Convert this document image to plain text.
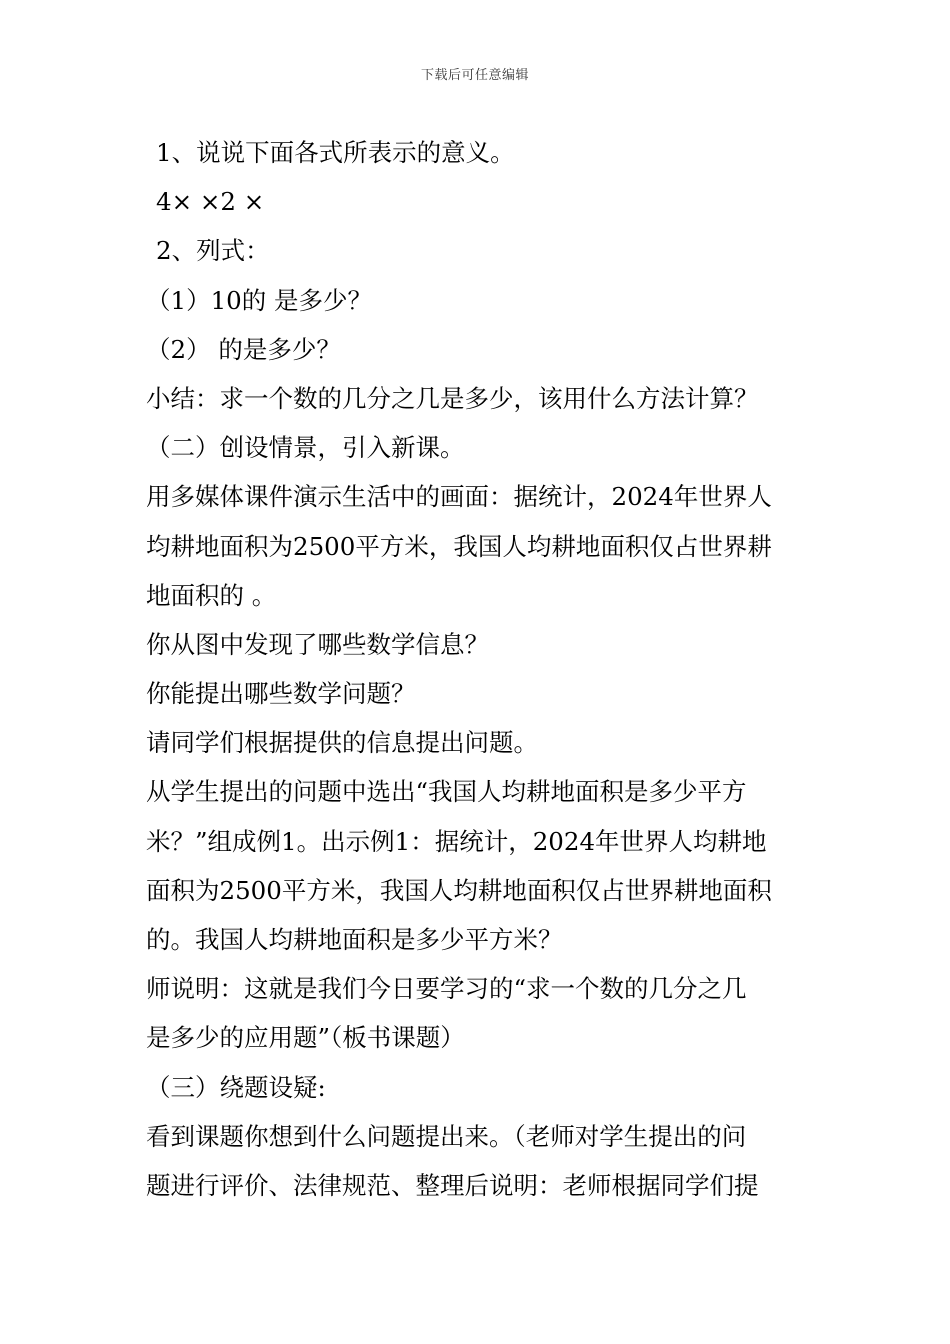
下载后可任意编辑
1、说说下面各式所表示的意义。
4× ×2 ×
2、列式：
（1）10的 是多少？
（2） 的是多少？
小结：求一个数的几分之几是多少，该用什么方法计算？
（二）创设情景，引入新课。
用多媒体课件演示生活中的画面：据统计，2024年世界人
均耕地面积为2500平方米，我国人均耕地面积仅占世界耕
地面积的 。
你从图中发现了哪些数学信息？
你能提出哪些数学问题？
请同学们根据提供的信息提出问题。
从学生提出的问题中选出“我国人均耕地面积是多少平方
米？”组成例1。出示例1：据统计，2024年世界人均耕地
面积为2500平方米，我国人均耕地面积仅占世界耕地面积
的。我国人均耕地面积是多少平方米？
师说明：这就是我们今日要学习的“求一个数的几分之几
是多少的应用题”（板书课题）
（三）绕题设疑:
看到课题你想到什么问题提出来。（老师对学生提出的问
题进行评价、法律规范、整理后说明：老师根据同学们提
